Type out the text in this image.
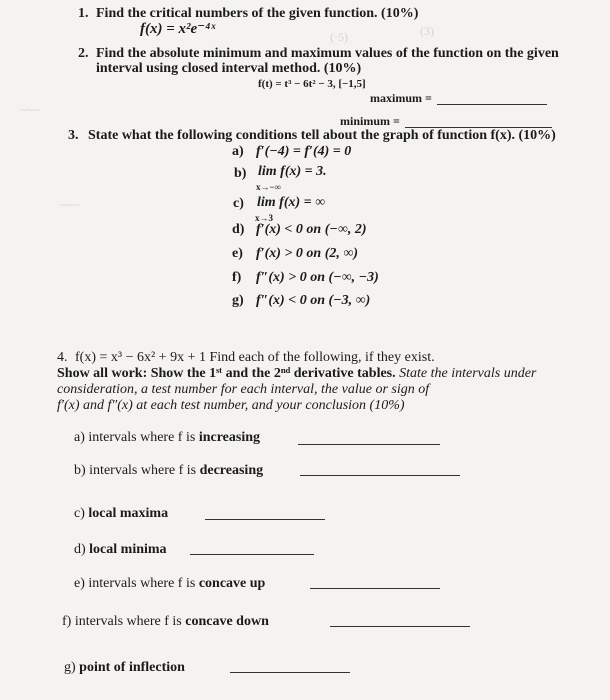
(·5)	(3)
~~~
~~~
1. Find the critical numbers of the given function. (10%)
f(x) = x²e⁻⁴ˣ
2. Find the absolute minimum and maximum values of the function on the given
interval using closed interval method. (10%)
f(t) = t³ − 6t² − 3, [−1,5]
maximum =
minimum =
3. State what the following conditions tell about the graph of function f(x). (10%)
a) f′(−4) = f′(4) = 0
b) lim f(x) = 3.
x→−∞
c) lim f(x) = ∞
x→3
d) f′(x) < 0 on (−∞, 2)
e) f′(x) > 0 on (2, ∞)
f) f″(x) > 0 on (−∞, −3)
g) f″(x) < 0 on (−3, ∞)
4. f(x) = x³ − 6x² + 9x + 1 Find each of the following, if they exist.
Show all work: Show the 1ˢᵗ and the 2ⁿᵈ derivative tables. State the intervals under
consideration, a test number for each interval, the value or sign of
f′(x) and f″(x) at each test number, and your conclusion (10%)
a) intervals where f is increasing
b) intervals where f is decreasing
c) local maxima
d) local minima
e) intervals where f is concave up
f) intervals where f is concave down
g) point of inflection
